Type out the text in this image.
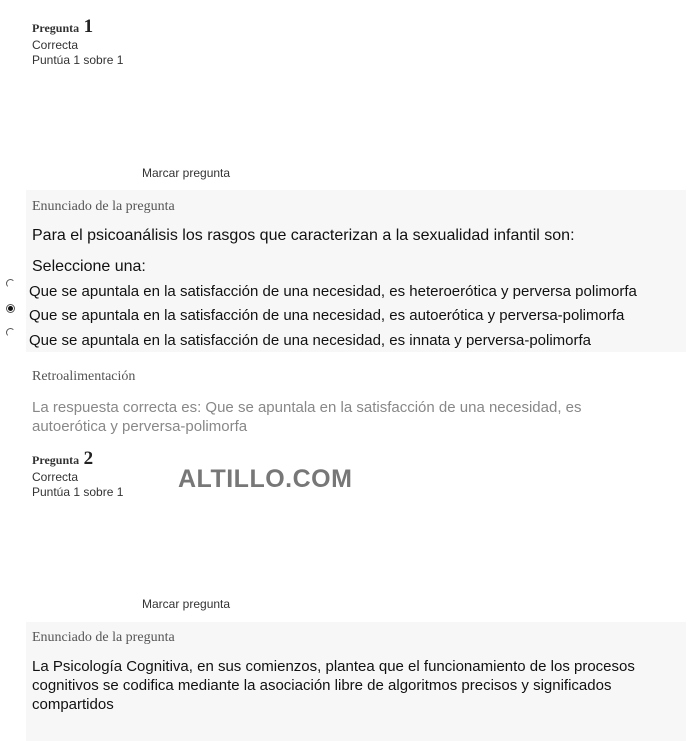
Pregunta 1
Correcta
Puntúa 1 sobre 1
Marcar pregunta
Enunciado de la pregunta
Para el psicoanálisis los rasgos que caracterizan a la sexualidad infantil son:
Seleccione una:
Que se apuntala en la satisfacción de una necesidad, es heteroerótica y perversa polimorfa
Que se apuntala en la satisfacción de una necesidad, es autoerótica y perversa-polimorfa
Que se apuntala en la satisfacción de una necesidad, es innata y perversa-polimorfa
Retroalimentación
La respuesta correcta es: Que se apuntala en la satisfacción de una necesidad, es
autoerótica y perversa-polimorfa
Pregunta 2
Correcta
Puntúa 1 sobre 1 ALTILLO.COM
Marcar pregunta
Enunciado de la pregunta
La Psicología Cognitiva, en sus comienzos, plantea que el funcionamiento de los procesos
cognitivos se codifica mediante la asociación libre de algoritmos precisos y significados
compartidos
